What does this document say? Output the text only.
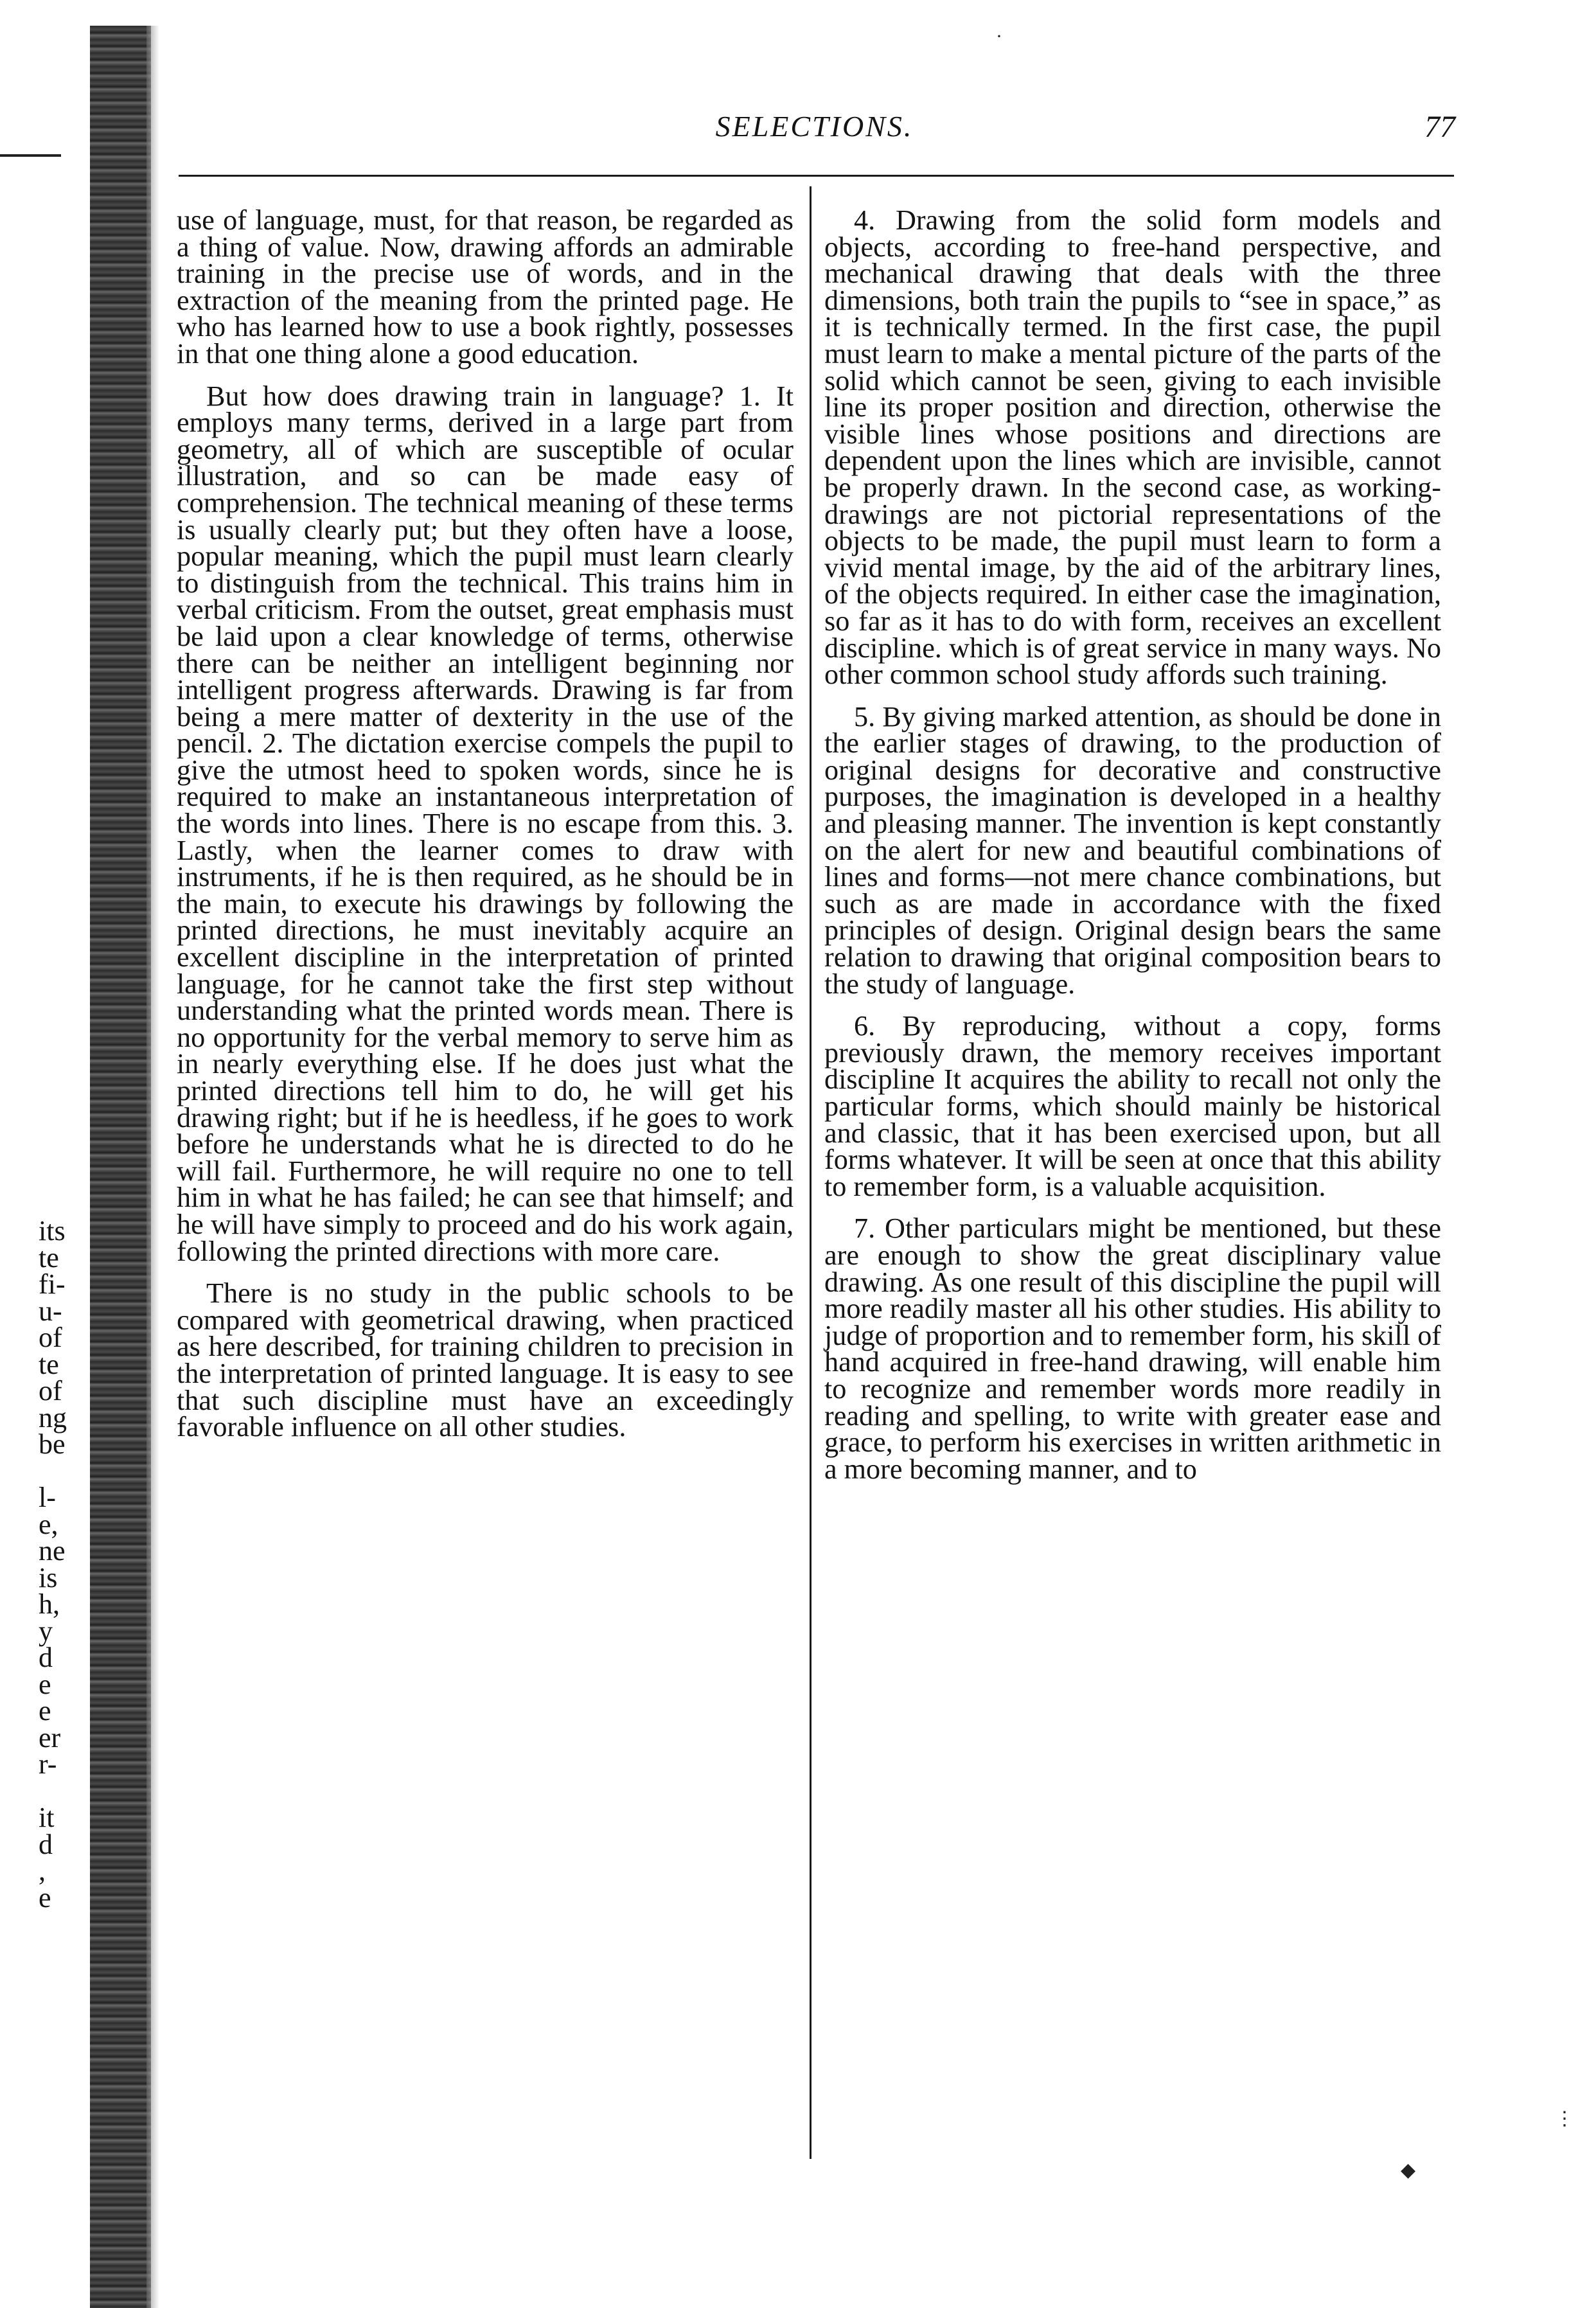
its
te
fi-
u-
of
te
of
ng
be

l-
e,
ne
is
h,
y
d
e
e
er
r-

it
d
,
e
SELECTIONS.	77

use of language, must, for that reason, be regarded as a thing of value. Now, drawing affords an admirable training in the precise use of words, and in the extraction of the meaning from the printed page. He who has learned how to use a book rightly, possesses in that one thing alone a good education.

But how does drawing train in language? 1. It employs many terms, derived in a large part from geometry, all of which are susceptible of ocular illustration, and so can be made easy of comprehension. The technical meaning of these terms is usually clearly put; but they often have a loose, popular meaning, which the pupil must learn clearly to distinguish from the technical. This trains him in verbal criticism. From the outset, great emphasis must be laid upon a clear knowledge of terms, otherwise there can be neither an intelligent beginning nor intelligent progress afterwards. Drawing is far from being a mere matter of dexterity in the use of the pencil. 2. The dictation exercise compels the pupil to give the utmost heed to spoken words, since he is required to make an instantaneous interpretation of the words into lines. There is no escape from this. 3. Lastly, when the learner comes to draw with instruments, if he is then required, as he should be in the main, to execute his drawings by following the printed directions, he must inevitably acquire an excellent discipline in the interpretation of printed language, for he cannot take the first step without understanding what the printed words mean. There is no opportunity for the verbal memory to serve him as in nearly everything else. If he does just what the printed directions tell him to do, he will get his drawing right; but if he is heedless, if he goes to work before he understands what he is directed to do he will fail. Furthermore, he will require no one to tell him in what he has failed; he can see that himself; and he will have simply to proceed and do his work again, following the printed directions with more care.

There is no study in the public schools to be compared with geometrical drawing, when practiced as here described, for training children to precision in the interpretation of printed language. It is easy to see that such discipline must have an exceedingly favorable influence on all other studies.

4. Drawing from the solid form models and objects, according to free-hand perspective, and mechanical drawing that deals with the three dimensions, both train the pupils to “see in space,” as it is technically termed. In the first case, the pupil must learn to make a mental picture of the parts of the solid which cannot be seen, giving to each invisible line its proper position and direction, otherwise the visible lines whose positions and directions are dependent upon the lines which are invisible, cannot be properly drawn. In the second case, as working-drawings are not pictorial representations of the objects to be made, the pupil must learn to form a vivid mental image, by the aid of the arbitrary lines, of the objects required. In either case the imagination, so far as it has to do with form, receives an excellent discipline. which is of great service in many ways. No other common school study affords such training.

5. By giving marked attention, as should be done in the earlier stages of drawing, to the production of original designs for decorative and constructive purposes, the imagination is developed in a healthy and pleasing manner. The invention is kept constantly on the alert for new and beautiful combinations of lines and forms—not mere chance combinations, but such as are made in accordance with the fixed principles of design. Original design bears the same relation to drawing that original composition bears to the study of language.

6. By reproducing, without a copy, forms previously drawn, the memory receives important discipline It acquires the ability to recall not only the particular forms, which should mainly be historical and classic, that it has been exercised upon, but all forms whatever. It will be seen at once that this ability to remember form, is a valuable acquisition.

7. Other particulars might be mentioned, but these are enough to show the great disciplinary value drawing. As one result of this discipline the pupil will more readily master all his other studies. His ability to judge of proportion and to remember form, his skill of hand acquired in free-hand drawing, will enable him to recognize and remember words more readily in reading and spelling, to write with greater ease and grace, to perform his exercises in written arithmetic in a more becoming manner, and to

◆
·
⋮
